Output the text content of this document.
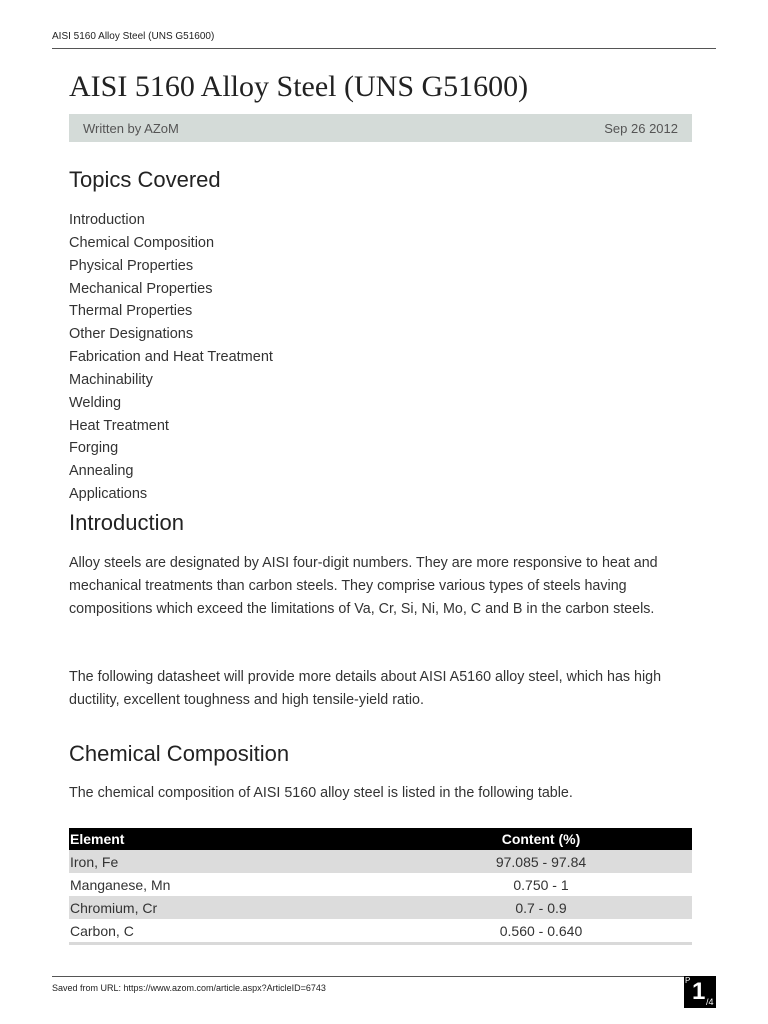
AISI 5160 Alloy Steel (UNS G51600)
AISI 5160 Alloy Steel (UNS G51600)
Written by AZoM	Sep 26 2012
Topics Covered
Introduction
Chemical Composition
Physical Properties
Mechanical Properties
Thermal Properties
Other Designations
Fabrication and Heat Treatment
Machinability
Welding
Heat Treatment
Forging
Annealing
Applications
Introduction

Alloy steels are designated by AISI four-digit numbers. They are more responsive to heat and mechanical treatments than carbon steels. They comprise various types of steels having compositions which exceed the limitations of Va, Cr, Si, Ni, Mo, C and B in the carbon steels.

The following datasheet will provide more details about AISI A5160 alloy steel, which has high ductility, excellent toughness and high tensile-yield ratio.

Chemical Composition

The chemical composition of AISI 5160 alloy steel is listed in the following table.

Element	Content (%)
Iron, Fe	97.085 - 97.84
Manganese, Mn	0.750 - 1
Chromium, Cr	0.7 - 0.9
Carbon, C	0.560 - 0.640
Saved from URL: https://www.azom.com/article.aspx?ArticleID=6743
P 1 /4
